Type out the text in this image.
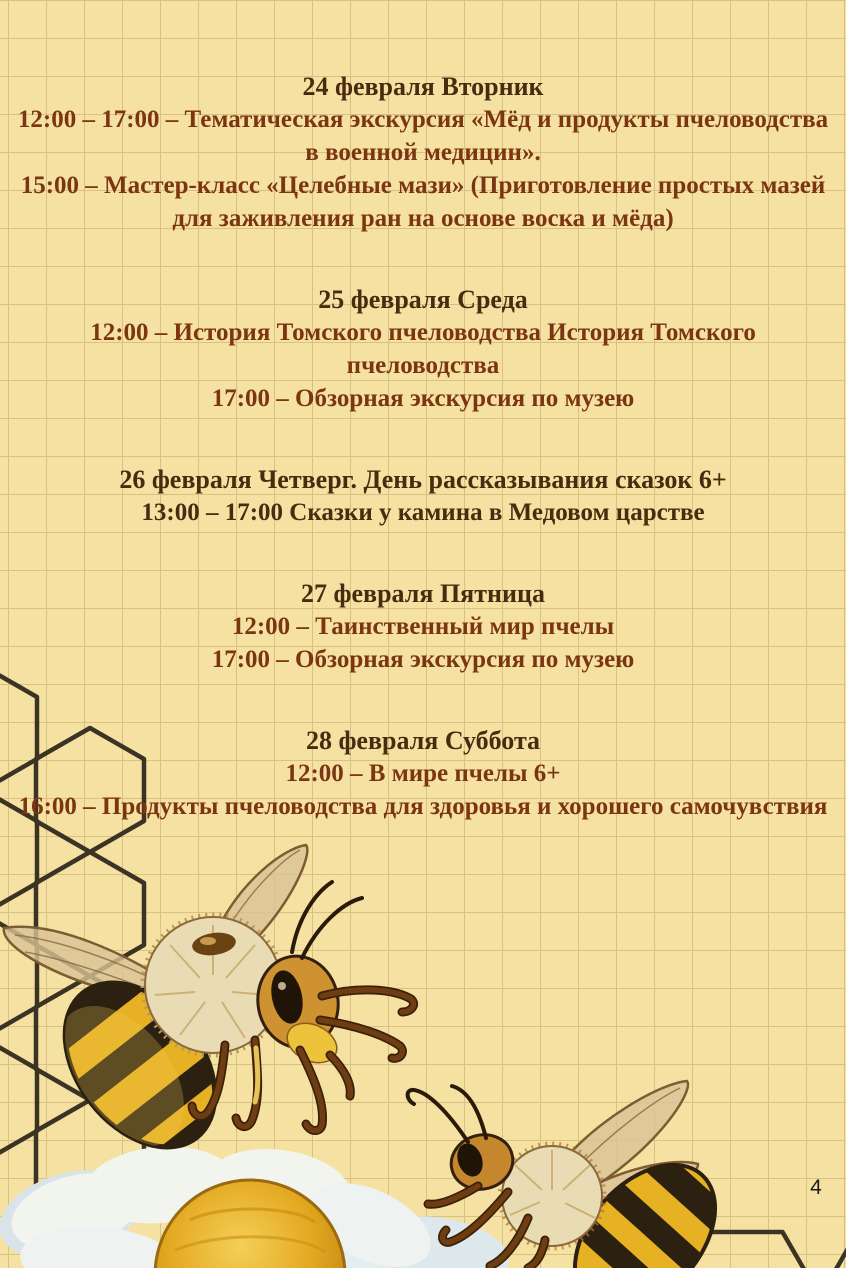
24 февраля Вторник
12:00 – 17:00 – Тематическая экскурсия «Мёд и продукты пчеловодства
в военной медицин».
15:00 – Мастер-класс «Целебные мази» (Приготовление простых мазей
для заживления ран на основе воска и мёда)
25 февраля Среда
12:00 – История Томского пчеловодства История Томского
пчеловодства
17:00 – Обзорная экскурсия по музею
26 февраля Четверг. День рассказывания сказок 6+
13:00 – 17:00 Сказки у камина в Медовом царстве
27 февраля Пятница
12:00 – Таинственный мир пчелы
17:00 – Обзорная экскурсия по музею
28 февраля Суббота
12:00 – В мире пчелы 6+
16:00 – Продукты пчеловодства для здоровья и хорошего самочувствия
4
